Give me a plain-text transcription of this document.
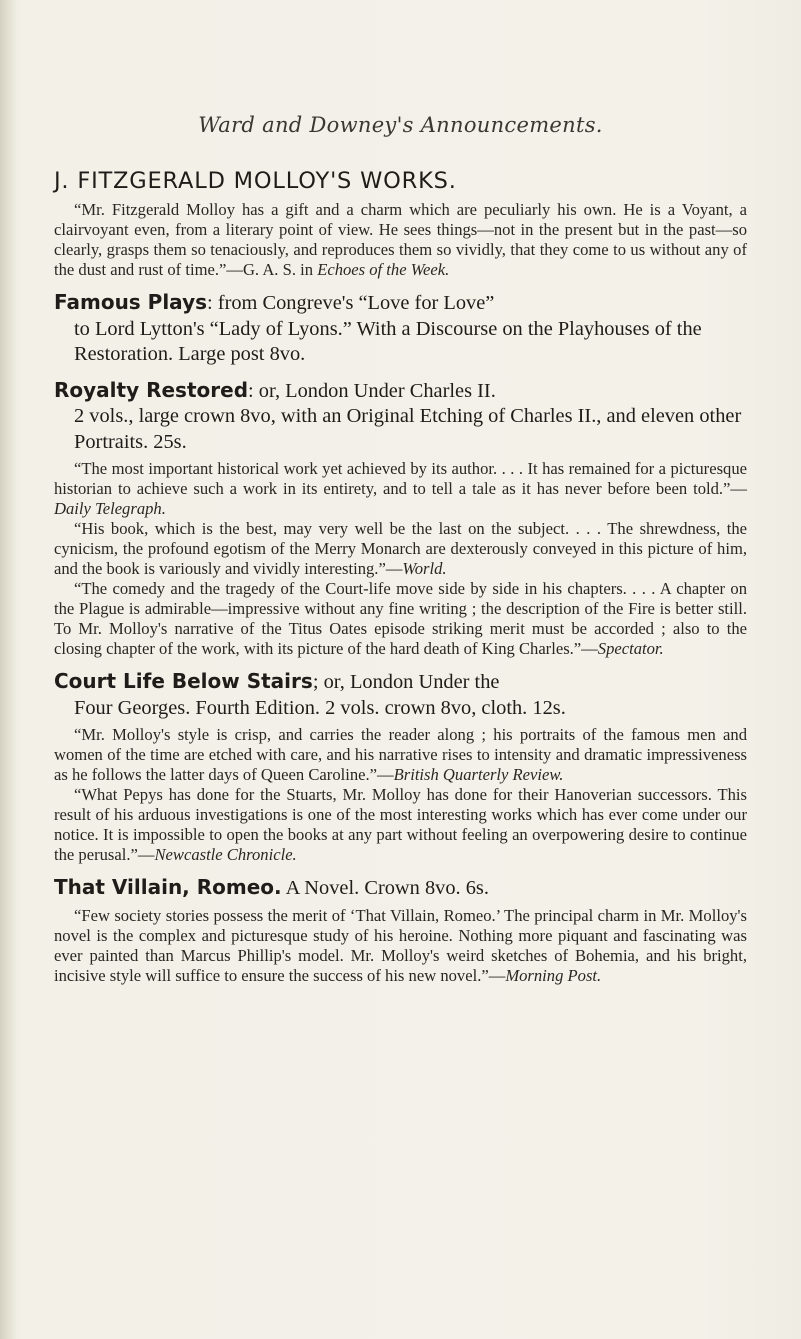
Ward and Downey's Announcements.
J. FITZGERALD MOLLOY'S WORKS.

“Mr. Fitzgerald Molloy has a gift and a charm which are peculiarly his own. He is a Voyant, a clairvoyant even, from a literary point of view. He sees things—not in the present but in the past—so clearly, grasps them so tenaciously, and reproduces them so vividly, that they come to us without any of the dust and rust of time.”—G. A. S. in Echoes of the Week.

Famous Plays: from Congreve's “Love for Love”
to Lord Lytton's “Lady of Lyons.” With a Discourse on the Playhouses of the Restoration. Large post 8vo.
Royalty Restored: or, London Under Charles II.
2 vols., large crown 8vo, with an Original Etching of Charles II., and eleven other Portraits. 25s.

“The most important historical work yet achieved by its author. . . . It has remained for a picturesque historian to achieve such a work in its entirety, and to tell a tale as it has never before been told.”—Daily Telegraph.

“His book, which is the best, may very well be the last on the subject. . . . The shrewdness, the cynicism, the profound egotism of the Merry Monarch are dexterously conveyed in this picture of him, and the book is variously and vividly interesting.”—World.

“The comedy and the tragedy of the Court-life move side by side in his chapters. . . . A chapter on the Plague is admirable—impressive without any fine writing ; the description of the Fire is better still. To Mr. Molloy's narrative of the Titus Oates episode striking merit must be accorded ; also to the closing chapter of the work, with its picture of the hard death of King Charles.”—Spectator.

Court Life Below Stairs; or, London Under the
Four Georges. Fourth Edition. 2 vols. crown 8vo, cloth. 12s.

“Mr. Molloy's style is crisp, and carries the reader along ; his portraits of the famous men and women of the time are etched with care, and his narrative rises to intensity and dramatic impressiveness as he follows the latter days of Queen Caroline.”—British Quarterly Review.

“What Pepys has done for the Stuarts, Mr. Molloy has done for their Hanoverian successors. This result of his arduous investigations is one of the most interesting works which has ever come under our notice. It is impossible to open the books at any part without feeling an overpowering desire to continue the perusal.”—Newcastle Chronicle.

That Villain, Romeo. A Novel. Crown 8vo. 6s.

“Few society stories possess the merit of ‘That Villain, Romeo.’ The principal charm in Mr. Molloy's novel is the complex and picturesque study of his heroine. Nothing more piquant and fascinating was ever painted than Marcus Phillip's model. Mr. Molloy's weird sketches of Bohemia, and his bright, incisive style will suffice to ensure the success of his new novel.”—Morning Post.
